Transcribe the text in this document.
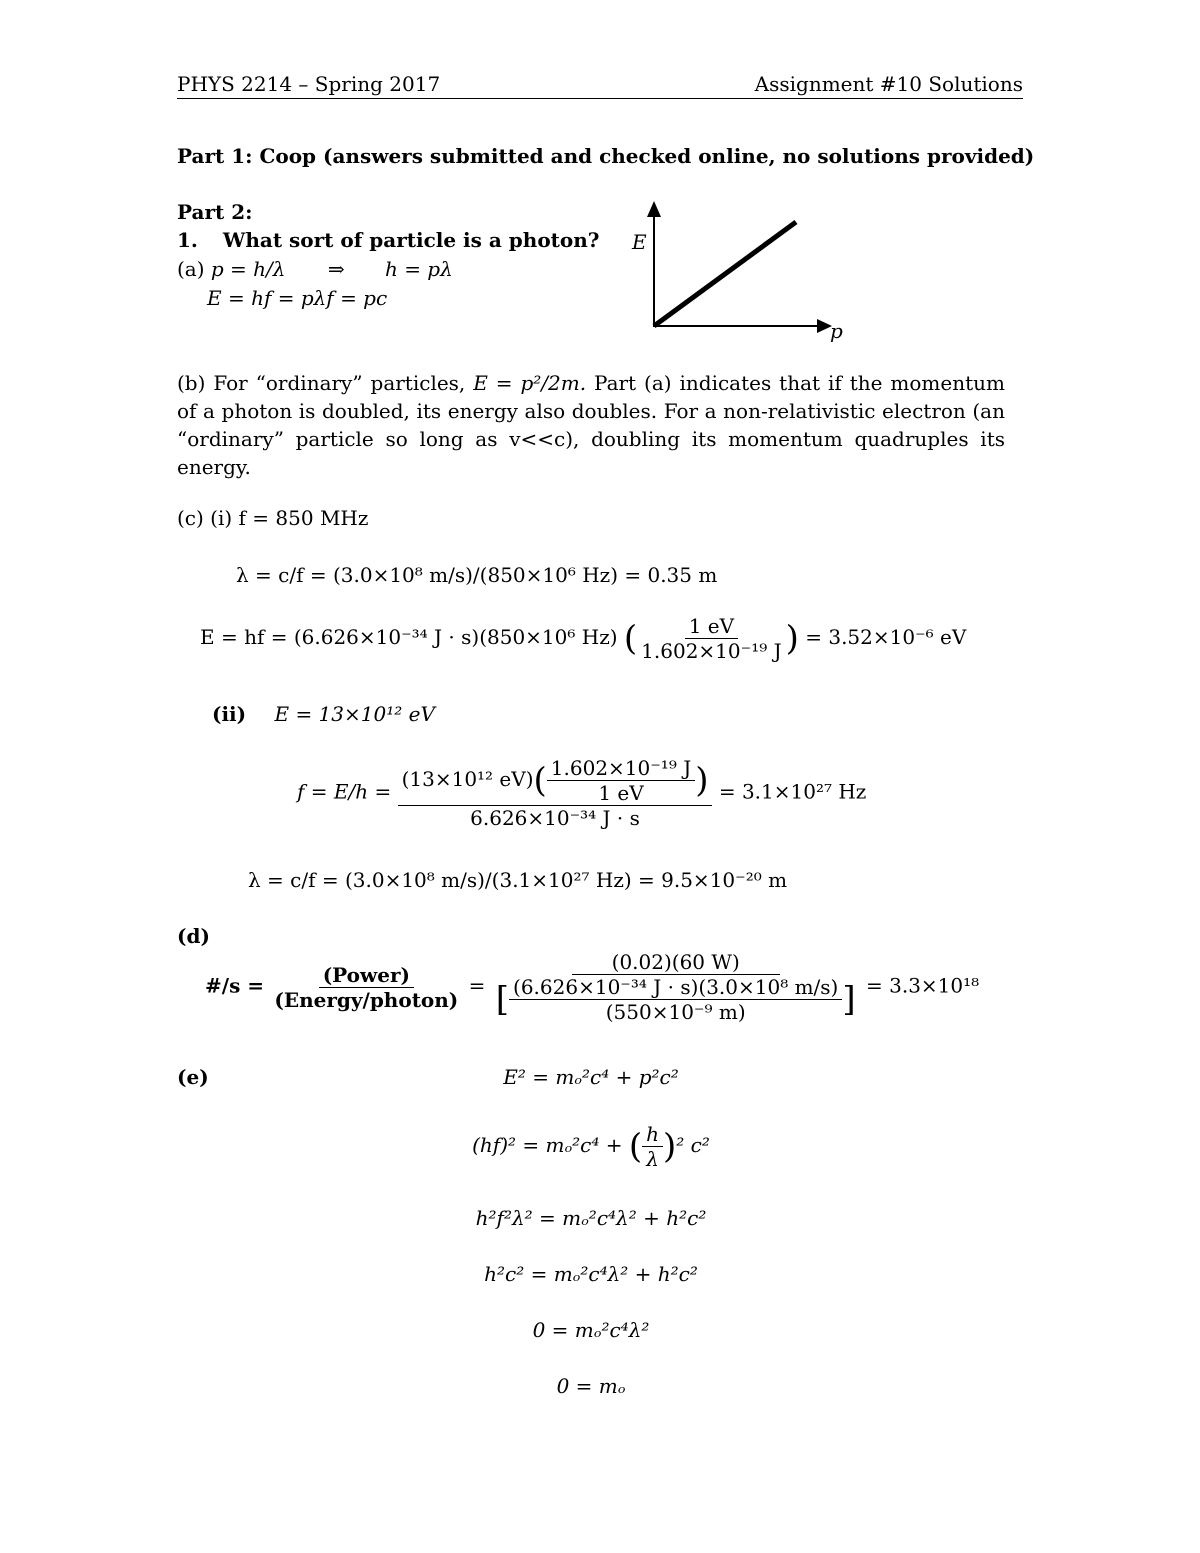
PHYS 2214 – Spring 2017	Assignment #10 Solutions
Part 1: Coop (answers submitted and checked online, no solutions provided)
Part 2:
1. What sort of particle is a photon?
(a) p = h/λ ⇒ h = pλ
E = hf = pλf = pc
E
p
(b) For “ordinary” particles, E = p²/2m. Part (a) indicates that if the momentum of a photon is doubled, its energy also doubles. For a non-relativistic electron (an “ordinary” particle so long as v<<c), doubling its momentum quadruples its energy.
(c) (i) f = 850 MHz
λ = c/f = (3.0×10⁸ m/s)/(850×10⁶ Hz) = 0.35 m
E = hf = (6.626×10⁻³⁴ J · s)(850×10⁶ Hz) ( $\frac{1 eV}{\text{1.602×10⁻¹⁹ J}}$ ) = 3.52×10⁻⁶ eV
(ii) E = 13×10¹² eV
$f = E/h = \frac{(13\times 10^{12} eV)( \frac{\text{1.602×10⁻¹⁹ J}}{1 eV} )}{\text{6.626×10⁻³⁴ J · s}} = 3.1\times 10^{27}$ Hz
λ = c/f = (3.0×10⁸ m/s)/(3.1×10²⁷ Hz) = 9.5×10⁻²⁰ m
(d)
#/s = $\frac{\text{(Power)}}{\text{(Energy/photon)}}$ =
(0.02)(60 W)
[ $\frac{\text{(6.626×10⁻³⁴ J · s)(3.0×10⁸ m/s)}}{\text{(550×10⁻⁹ m)}}$ ] = 3.3×10¹⁸
(e)	E² = mₒ²c⁴ + p²c²
(hf)² = mₒ²c⁴ + ( $\frac{h}{\lambda} )^2$ c²
h²f²λ² = mₒ²c⁴λ² + h²c²
h²c² = mₒ²c⁴λ² + h²c²
0 = mₒ²c⁴λ²
0 = mₒ
